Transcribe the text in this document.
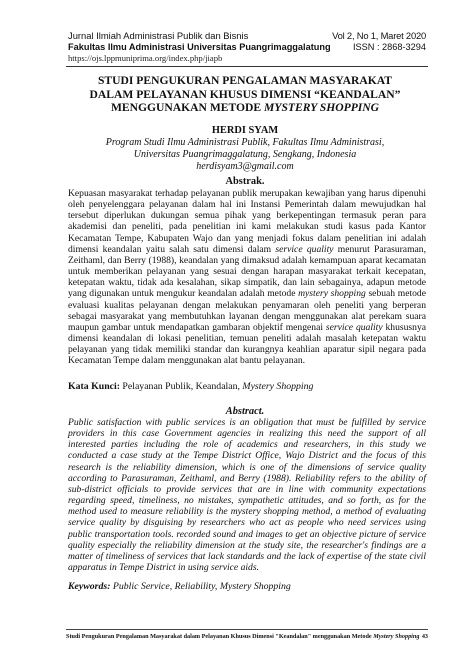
Jurnal Ilmiah Administrasi Publik dan Bisnis	Vol 2, No 1, Maret 2020
Fakultas Ilmu Administrasi Universitas Puangrimaggalatung ISSN : 2868-3294
https://ojs.lppmuniprima.org/index.php/jiapb
STUDI PENGUKURAN PENGALAMAN MASYARAKAT
DALAM PELAYANAN KHUSUS DIMENSI “KEANDALAN”
MENGGUNAKAN METODE MYSTERY SHOPPING
HERDI SYAM
Program Studi Ilmu Administrasi Publik, Fakultas Ilmu Administrasi,
Universitas Puangrimaggalatung, Sengkang, Indonesia
herdisyam3@gmail.com
Abstrak.
Kepuasan masyarakat terhadap pelayanan publik merupakan kewajiban yang harus dipenuhi oleh penyelenggara pelayanan dalam hal ini Instansi Pemerintah dalam mewujudkan hal tersebut diperlukan dukungan semua pihak yang berkepentingan termasuk peran para akademisi dan peneliti, pada penelitian ini kami melakukan studi kasus pada Kantor Kecamatan Tempe, Kabupaten Wajo dan yang menjadi fokus dalam penelitian ini adalah dimensi keandalan yaitu salah satu dimensi dalam service quality menurut Parasuraman, Zeithaml, dan Berry (1988), keandalan yang dimaksud adalah kemampuan aparat kecamatan untuk memberikan pelayanan yang sesuai dengan harapan masyarakat terkait kecepatan, ketepatan waktu, tidak ada kesalahan, sikap simpatik, dan lain sebagainya, adapun metode yang digunakan untuk mengukur keandalan adalah metode mystery shopping sebuah metode evaluasi kualitas pelayanan dengan melakukan penyamaran oleh peneliti yang berperan sebagai masyarakat yang membutuhkan layanan dengan menggunakan alat perekam suara maupun gambar untuk mendapatkan gambaran objektif mengenai service quality khususnya dimensi keandalan di lokasi penelitian, temuan peneliti adalah masalah ketepatan waktu pelayanan yang tidak memiliki standar dan kurangnya keahlian aparatur sipil negara pada Kecamatan Tempe dalam menggunakan alat bantu pelayanan.
Kata Kunci: Pelayanan Publik, Keandalan, Mystery Shopping
Abstract.
Public satisfaction with public services is an obligation that must be fulfilled by service providers in this case Government agencies in realizing this need the support of all interested parties including the role of academics and researchers, in this study we conducted a case study at the Tempe District Office, Wajo District and the focus of this research is the reliability dimension, which is one of the dimensions of service quality according to Parasuraman, Zeithaml, and Berry (1988). Reliability refers to the ability of sub-district officials to provide services that are in line with community expectations regarding speed, timeliness, no mistakes, sympathetic attitudes, and so forth, as for the method used to measure reliability is the mystery shopping method, a method of evaluating service quality by disguising by researchers who act as people who need services using public transportation tools. recorded sound and images to get an objective picture of service quality especially the reliability dimension at the study site, the researcher's findings are a matter of timeliness of services that lack standards and the lack of expertise of the state civil apparatus in Tempe District in using service aids.
Keywords: Public Service, Reliability, Mystery Shopping
Studi Pengukuran Pengalaman Masyarakat dalam Pelayanan Khusus Dimensi "Keandalan" menggunakan Metode Mystery Shopping 43
